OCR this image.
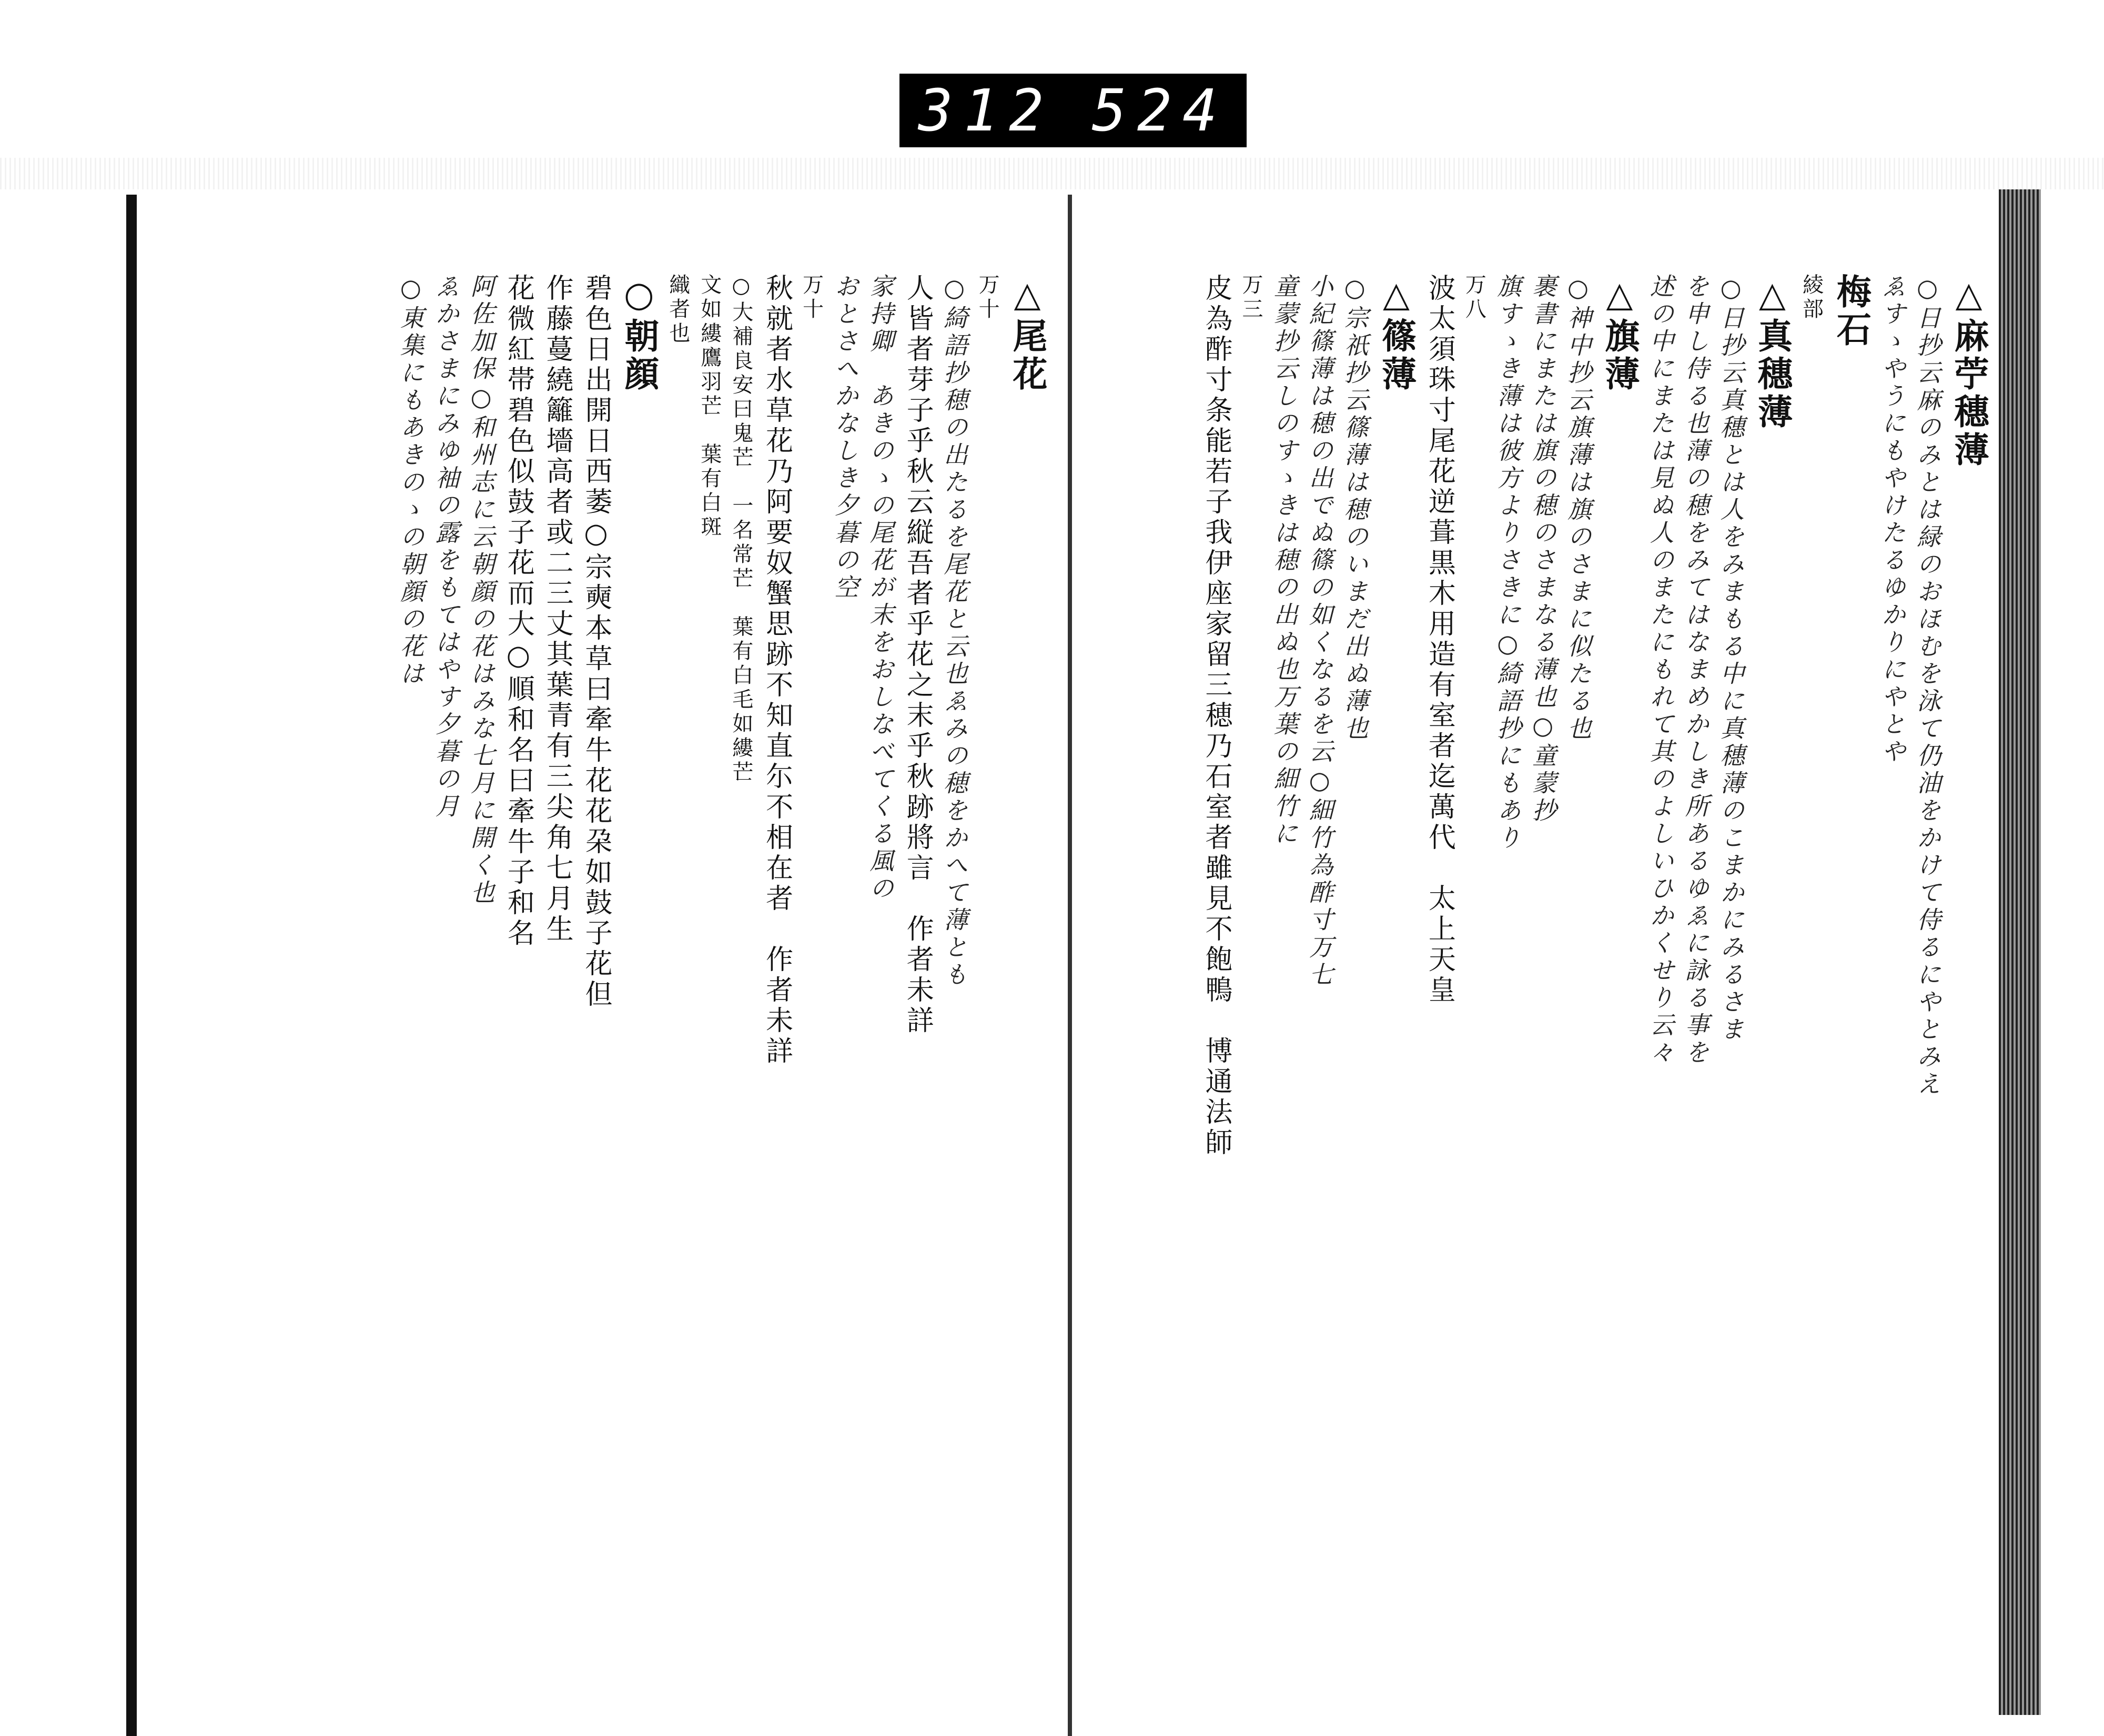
312 524
△麻苧穗薄
○日抄云麻のみとは緑のおほむを泳て仍油をかけて侍るにやとみえ
ゑすゝやうにもやけたるゆかりにやとや
梅石
綾部
△真穗薄
○日抄云真穗とは人をみまもる中に真穗薄のこまかにみるさま
を申し侍る也薄の穂をみてはなまめかしき所あるゆゑに詠る事を
述の中にまたは見ぬ人のまたにもれて其のよしいひかくせり云々
△旗薄
○神中抄云旗薄は旗のさまに似たる也
裹書にまたは旗の穂のさまなる薄也○童蒙抄
旗すゝき薄は彼方よりさきに○綺語抄にもあり
万八
波太須珠寸尾花逆葺黒木用造有室者迄萬代　太上天皇
△篠薄
○宗祇抄云篠薄は穂のいまだ出ぬ薄也
小紀篠薄は穂の出でぬ篠の如くなるを云○細竹為酢寸万七
童蒙抄云しのすゝきは穂の出ぬ也万葉の細竹に
万三
皮為酢寸条能若子我伊座家留三穂乃石室者雖見不飽鴨　博通法師
△尾花
万十
○綺語抄穂の出たるを尾花と云也ゑみの穂をかへて薄とも
人皆者芽子乎秋云縦吾者乎花之末乎秋跡將言　作者未詳
家持卿　あきのゝの尾花が末をおしなべてくる風の
おとさへかなしき夕暮の空
万十
秋就者水草花乃阿要奴蟹思跡不知直尓不相在者　作者未詳
○大補良安曰鬼芒　一名常芒　葉有白毛如縷芒
文如縷鷹羽芒　葉有白斑
織者也
○朝顔
碧色日出開日西萎○宗奭本草曰牽牛花花朶如鼓子花但
作藤蔓繞籬墻高者或二三丈其葉青有三尖角七月生
花微紅帯碧色似鼓子花而大○順和名曰牽牛子和名
阿佐加保○和州志に云朝顔の花はみな七月に開く也
ゑかさまにみゆ袖の露をもてはやす夕暮の月
○東集にもあきのゝの朝顔の花は
